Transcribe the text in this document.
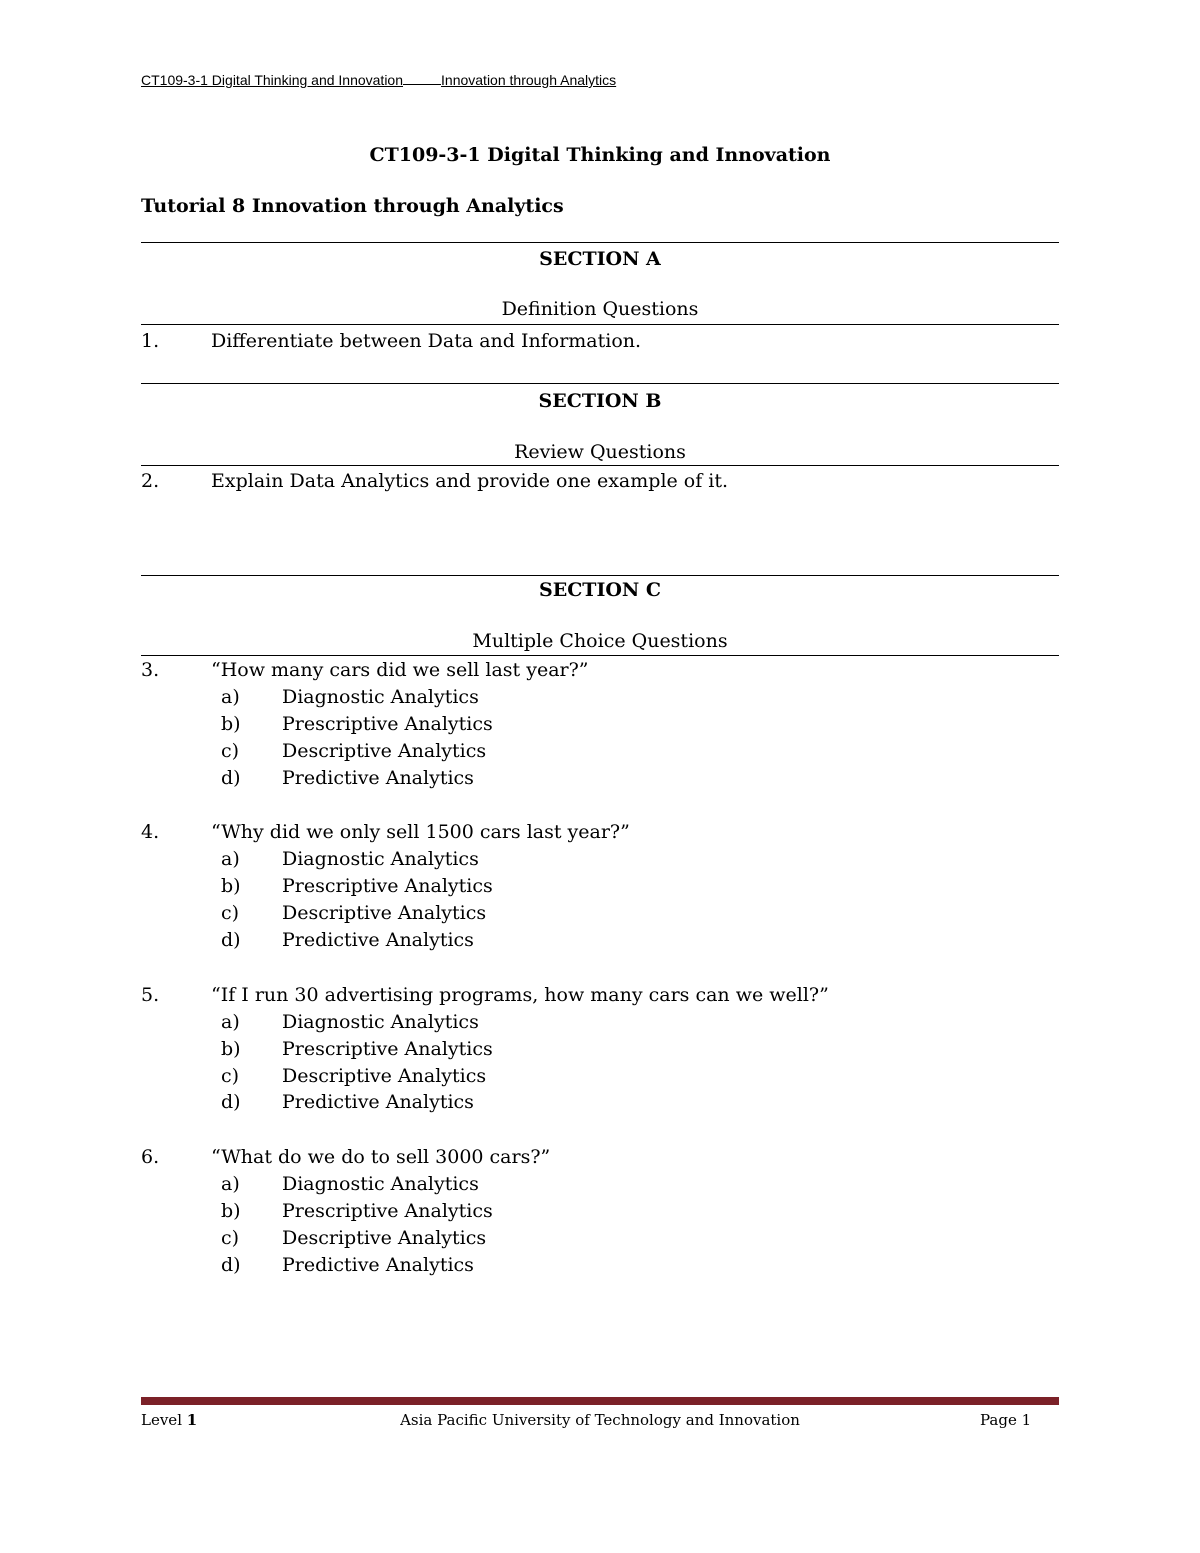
CT109-3-1 Digital Thinking and Innovation	Innovation through Analytics
CT109-3-1 Digital Thinking and Innovation
Tutorial 8 Innovation through Analytics
SECTION A
Definition Questions
1.	Differentiate between Data and Information.
SECTION B
Review Questions
2.	Explain Data Analytics and provide one example of it.
SECTION C
Multiple Choice Questions
3.	“How many cars did we sell last year?”
a) Diagnostic Analytics
b) Prescriptive Analytics
c) Descriptive Analytics
d) Predictive Analytics
4.	“Why did we only sell 1500 cars last year?”
a) Diagnostic Analytics
b) Prescriptive Analytics
c) Descriptive Analytics
d) Predictive Analytics
5.	“If I run 30 advertising programs, how many cars can we well?”
a) Diagnostic Analytics
b) Prescriptive Analytics
c) Descriptive Analytics
d) Predictive Analytics
6.	“What do we do to sell 3000 cars?”
a) Diagnostic Analytics
b) Prescriptive Analytics
c) Descriptive Analytics
d) Predictive Analytics
Level 1	Asia Pacific University of Technology and Innovation	Page 1
